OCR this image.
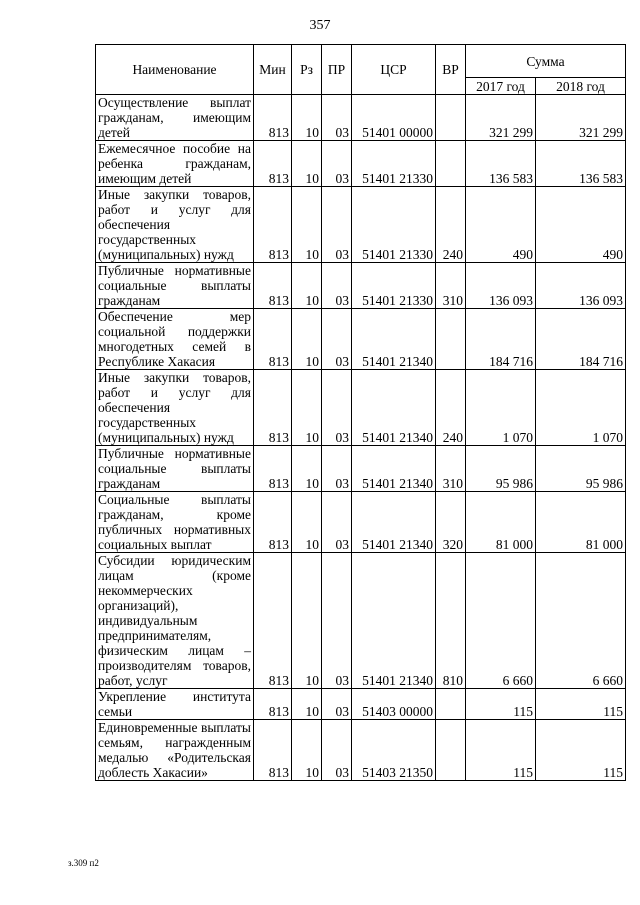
357
Наименование	Мин	Рз	ПР	ЦСР	ВР	Сумма	
						2017 год	2018 год
Осуществление выплат гражданам, имеющим детей	813	10	03	51401 00000		321 299	321 299
Ежемесячное пособие на ребенка гражданам, имеющим детей	813	10	03	51401 21330		136 583	136 583
Иные закупки товаров, работ и услуг для обеспечения государственных (муниципальных) нужд	813	10	03	51401 21330	240	490	490
Публичные нормативные социальные выплаты гражданам	813	10	03	51401 21330	310	136 093	136 093
Обеспечение мер социальной поддержки многодетных семей в Республике Хакасия	813	10	03	51401 21340		184 716	184 716
Иные закупки товаров, работ и услуг для обеспечения государственных (муниципальных) нужд	813	10	03	51401 21340	240	1 070	1 070
Публичные нормативные социальные выплаты гражданам	813	10	03	51401 21340	310	95 986	95 986
Социальные выплаты гражданам, кроме публичных нормативных социальных выплат	813	10	03	51401 21340	320	81 000	81 000
Субсидии юридическим лицам (кроме некоммерческих организаций), индивидуальным предпринимателям, физическим лицам – производителям товаров, работ, услуг	813	10	03	51401 21340	810	6 660	6 660
Укрепление института семьи	813	10	03	51403 00000		115	115
Единовременные выплаты семьям, награжденным медалью «Родительская доблесть Хакасии»	813	10	03	51403 21350		115	115
з.309 п2
